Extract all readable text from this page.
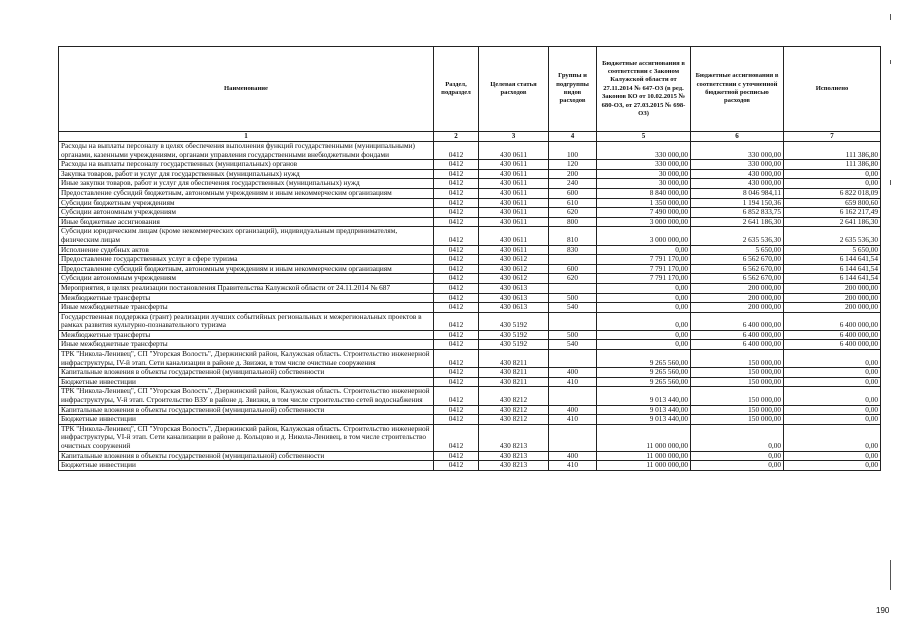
Наименование	Раздел, подраздел	Целевая статья расходов	Группы и подгруппы видов расходов	Бюджетные ассигнования в соответствии с Законом Калужской области от 27.11.2014 № 647-ОЗ (в ред. Законов КО от 10.02.2015 № 680-ОЗ, от 27.03.2015 № 698-ОЗ)	Бюджетные ассигнования в соответствии с уточненной бюджетной росписью расходов	Исполнено
1	2	3	4	5	6	7
Расходы на выплаты персоналу в целях обеспечения выполнения функций государственными (муниципальными) органами, казенными учреждениями, органами управления государственными внебюджетными фондами	0412	430 0611	100	330 000,00	330 000,00	111 386,80
Расходы на выплаты персоналу государственных (муниципальных) органов	0412	430 0611	120	330 000,00	330 000,00	111 386,80
Закупка товаров, работ и услуг для государственных (муниципальных) нужд	0412	430 0611	200	30 000,00	430 000,00	0,00
Иные закупки товаров, работ и услуг для обеспечения государственных (муниципальных) нужд	0412	430 0611	240	30 000,00	430 000,00	0,00
Предоставление субсидий бюджетным, автономным учреждениям и иным некоммерческим организациям	0412	430 0611	600	8 840 000,00	8 046 984,11	6 822 018,09
Субсидии бюджетным учреждениям	0412	430 0611	610	1 350 000,00	1 194 150,36	659 800,60
Субсидии автономным учреждениям	0412	430 0611	620	7 490 000,00	6 852 833,75	6 162 217,49
Иные бюджетные ассигнования	0412	430 0611	800	3 000 000,00	2 641 186,30	2 641 186,30
Субсидии юридическим лицам (кроме некоммерческих организаций), индивидуальным предпринимателям, физическим лицам	0412	430 0611	810	3 000 000,00	2 635 536,30	2 635 536,30
Исполнение судебных актов	0412	430 0611	830	0,00	5 650,00	5 650,00
Предоставление государственных услуг в сфере туризма	0412	430 0612		7 791 170,00	6 562 670,00	6 144 641,54
Предоставление субсидий бюджетным, автономным учреждениям и иным некоммерческим организациям	0412	430 0612	600	7 791 170,00	6 562 670,00	6 144 641,54
Субсидии автономным учреждениям	0412	430 0612	620	7 791 170,00	6 562 670,00	6 144 641,54
Мероприятия, в целях реализации постановления Правительства Калужской области от 24.11.2014 № 687	0412	430 0613		0,00	200 000,00	200 000,00
Межбюджетные трансферты	0412	430 0613	500	0,00	200 000,00	200 000,00
Иные межбюджетные трансферты	0412	430 0613	540	0,00	200 000,00	200 000,00
Государственная поддержка (грант) реализации лучших событийных региональных и межрегиональных проектов в рамках развития культурно-познавательного туризма	0412	430 5192		0,00	6 400 000,00	6 400 000,00
Межбюджетные трансферты	0412	430 5192	500	0,00	6 400 000,00	6 400 000,00
Иные межбюджетные трансферты	0412	430 5192	540	0,00	6 400 000,00	6 400 000,00
ТРК "Никола-Ленивец", СП "Угорская Волость", Дзержинский район, Калужская область. Строительство инженерной инфраструктуры, IV-й этап. Сети канализации в районе д. Звизжи, в том числе очистные сооружения	0412	430 8211		9 265 560,00	150 000,00	0,00
Капитальные вложения в объекты государственной (муниципальной) собственности	0412	430 8211	400	9 265 560,00	150 000,00	0,00
Бюджетные инвестиции	0412	430 8211	410	9 265 560,00	150 000,00	0,00
ТРК "Никола-Ленивец", СП "Угорская Волость", Дзержинский район, Калужская область. Строительство инженерной инфраструктуры, V-й этап. Строительство ВЗУ в районе д. Звизжи, в том числе строительство сетей водоснабжения	0412	430 8212		9 013 440,00	150 000,00	0,00
Капитальные вложения в объекты государственной (муниципальной) собственности	0412	430 8212	400	9 013 440,00	150 000,00	0,00
Бюджетные инвестиции	0412	430 8212	410	9 013 440,00	150 000,00	0,00
ТРК "Никола-Ленивец", СП "Угорская Волость", Дзержинский район, Калужская область. Строительство инженерной инфраструктуры, VI-й этап. Сети канализации в районе д. Кольцово и д. Никола-Ленивец, в том числе строительство очистных сооружений	0412	430 8213		11 000 000,00	0,00	0,00
Капитальные вложения в объекты государственной (муниципальной) собственности	0412	430 8213	400	11 000 000,00	0,00	0,00
Бюджетные инвестиции	0412	430 8213	410	11 000 000,00	0,00	0,00
190
